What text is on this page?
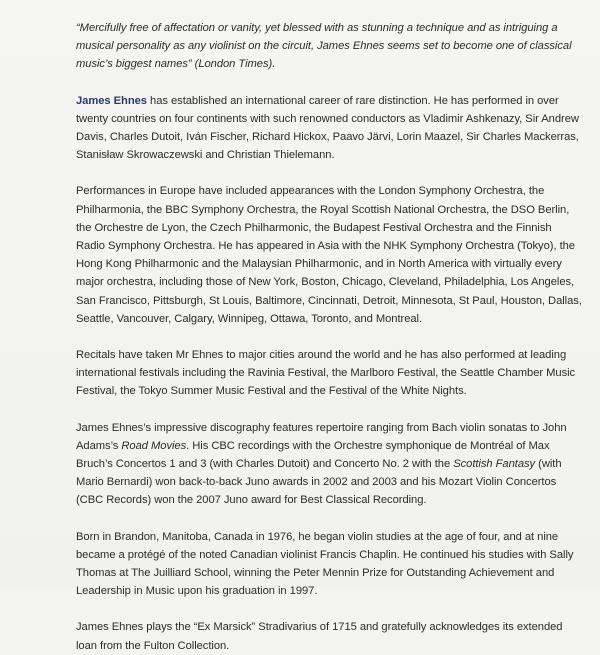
“Mercifully free of affectation or vanity, yet blessed with as stunning a technique and as intriguing a musical personality as any violinist on the circuit, James Ehnes seems set to become one of classical music’s biggest names” (London Times).

James Ehnes has established an international career of rare distinction. He has performed in over twenty countries on four continents with such renowned conductors as Vladimir Ashkenazy, Sir Andrew Davis, Charles Dutoit, Iván Fischer, Richard Hickox, Paavo Järvi, Lorin Maazel, Sir Charles Mackerras, Stanisław Skrowaczewski and Christian Thielemann.

Performances in Europe have included appearances with the London Symphony Orchestra, the Philharmonia, the BBC Symphony Orchestra, the Royal Scottish National Orchestra, the DSO Berlin, the Orchestre de Lyon, the Czech Philharmonic, the Budapest Festival Orchestra and the Finnish Radio Symphony Orchestra. He has appeared in Asia with the NHK Symphony Orchestra (Tokyo), the Hong Kong Philharmonic and the Malaysian Philharmonic, and in North America with virtually every major orchestra, including those of New York, Boston, Chicago, Cleveland, Philadelphia, Los Angeles, San Francisco, Pittsburgh, St Louis, Baltimore, Cincinnati, Detroit, Minnesota, St Paul, Houston, Dallas, Seattle, Vancouver, Calgary, Winnipeg, Ottawa, Toronto, and Montreal.

Recitals have taken Mr Ehnes to major cities around the world and he has also performed at leading international festivals including the Ravinia Festival, the Marlboro Festival, the Seattle Chamber Music Festival, the Tokyo Summer Music Festival and the Festival of the White Nights.

James Ehnes’s impressive discography features repertoire ranging from Bach violin sonatas to John Adams’s Road Movies. His CBC recordings with the Orchestre symphonique de Montréal of Max Bruch’s Concertos 1 and 3 (with Charles Dutoit) and Concerto No. 2 with the Scottish Fantasy (with Mario Bernardi) won back-to-back Juno awards in 2002 and 2003 and his Mozart Violin Concertos (CBC Records) won the 2007 Juno award for Best Classical Recording.

Born in Brandon, Manitoba, Canada in 1976, he began violin studies at the age of four, and at nine became a protégé of the noted Canadian violinist Francis Chaplin. He continued his studies with Sally Thomas at The Juilliard School, winning the Peter Mennin Prize for Outstanding Achievement and Leadership in Music upon his graduation in 1997.

James Ehnes plays the “Ex Marsick” Stradivarius of 1715 and gratefully acknowledges its extended loan from the Fulton Collection.
